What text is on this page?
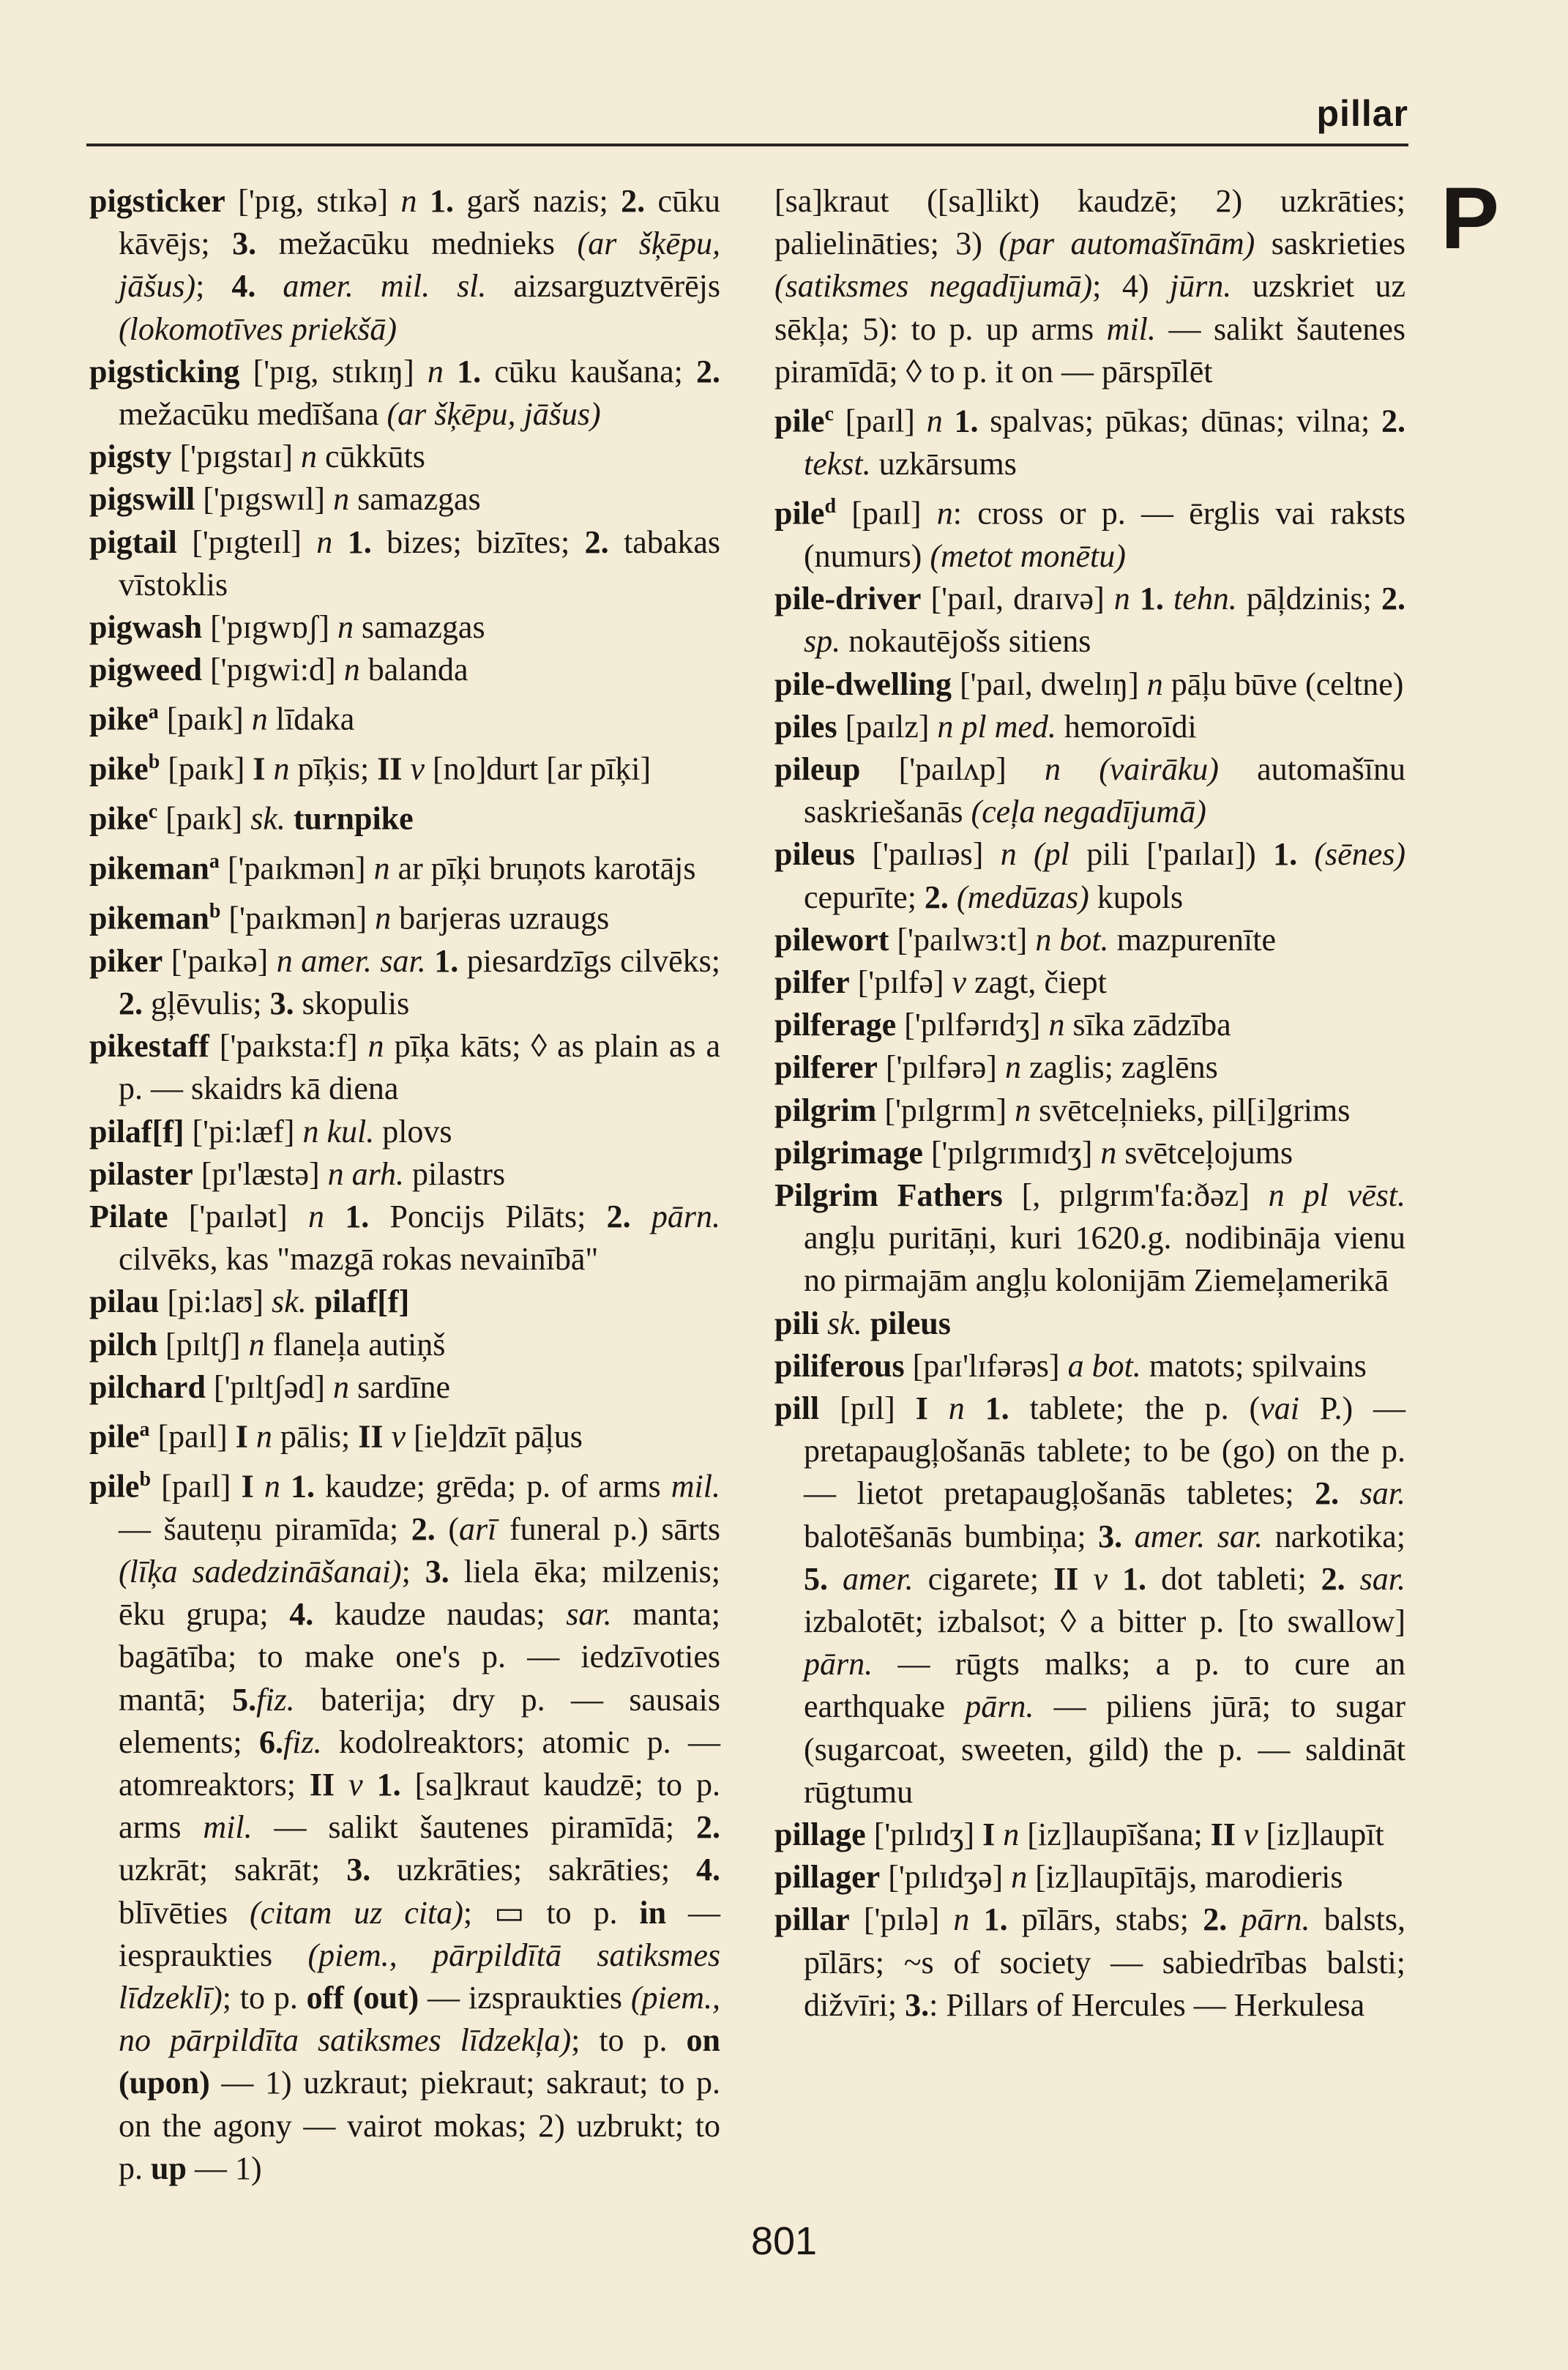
pillar
P

pigsticker ['pɪg, stɪkə] n 1. garš nazis; 2. cūku kāvējs; 3. mežacūku mednieks (ar šķēpu, jāšus); 4. amer. mil. sl. aizsarguztvērējs (lokomotīves priekšā)

pigsticking ['pɪg, stɪkɪŋ] n 1. cūku kaušana; 2. mežacūku medīšana (ar šķēpu, jāšus)

pigsty ['pɪgstaɪ] n cūkkūts

pigswill ['pɪgswɪl] n samazgas

pigtail ['pɪgteɪl] n 1. bizes; bizītes; 2. tabakas vīstoklis

pigwash ['pɪgwɒʃ] n samazgas

pigweed ['pɪgwi:d] n balanda

pike$^a$ [paɪk] n līdaka

pike$^b$ [paɪk] I n pīķis; II v [no]durt [ar pīķi]

pike$^c$ [paɪk] sk. turnpike

pikeman$^a$ ['paɪkmən] n ar pīķi bruņots karotājs

pikeman$^b$ ['paɪkmən] n barjeras uzraugs

piker ['paɪkə] n amer. sar. 1. piesardzīgs cilvēks; 2. gļēvulis; 3. skopulis

pikestaff ['paɪksta:f] n pīķa kāts; ◊ as plain as a p. — skaidrs kā diena

pilaf[f] ['pi:læf] n kul. plovs

pilaster [pɪ'læstə] n arh. pilastrs

Pilate ['paɪlət] n 1. Poncijs Pilāts; 2. pārn. cilvēks, kas "mazgā rokas nevainībā"

pilau [pi:laʊ] sk. pilaf[f]

pilch [pɪltʃ] n flaneļa autiņš

pilchard ['pɪltʃəd] n sardīne

pile$^a$ [paɪl] I n pālis; II v [ie]dzīt pāļus

pile$^b$ [paɪl] I n 1. kaudze; grēda; p. of arms mil. — šauteņu piramīda; 2. (arī funeral p.) sārts (līķa sadedzināšanai); 3. liela ēka; milzenis; ēku grupa; 4. kaudze naudas; sar. manta; bagātība; to make one's p. — iedzīvoties mantā; 5.fiz. baterija; dry p. — sausais elements; 6.fiz. kodolreaktors; atomic p. — atomreaktors; II v 1. [sa]kraut kaudzē; to p. arms mil. — salikt šautenes piramīdā; 2. uzkrāt; sakrāt; 3. uzkrāties; sakrāties; 4. blīvēties (citam uz cita); ▭ to p. in — iespraukties (piem., pārpildītā satiksmes līdzeklī); to p. off (out) — izspraukties (piem., no pārpildīta satiksmes līdzekļa); to p. on (upon) — 1) uzkraut; piekraut; sakraut; to p. on the agony — vairot mokas; 2) uzbrukt; to p. up — 1)

[sa]kraut ([sa]likt) kaudzē; 2) uzkrāties; palielināties; 3) (par automašīnām) saskrieties (satiksmes negadījumā); 4) jūrn. uzskriet uz sēkļa; 5): to p. up arms mil. — salikt šautenes piramīdā; ◊ to p. it on — pārspīlēt

pile$^c$ [paɪl] n 1. spalvas; pūkas; dūnas; vilna; 2. tekst. uzkārsums

pile$^d$ [paɪl] n: cross or p. — ērglis vai raksts (numurs) (metot monētu)

pile-driver ['paɪl, draɪvə] n 1. tehn. pāļdzinis; 2. sp. nokautējošs sitiens

pile-dwelling ['paɪl, dwelɪŋ] n pāļu būve (celtne)

piles [paɪlz] n pl med. hemoroīdi

pileup ['paɪlʌp] n (vairāku) automašīnu saskriešanās (ceļa negadījumā)

pileus ['paɪlɪəs] n (pl pili ['paɪlaɪ]) 1. (sēnes) cepurīte; 2. (medūzas) kupols

pilewort ['paɪlwɜ:t] n bot. mazpurenīte

pilfer ['pɪlfə] v zagt, čiept

pilferage ['pɪlfərɪdʒ] n sīka zādzība

pilferer ['pɪlfərə] n zaglis; zaglēns

pilgrim ['pɪlgrɪm] n svētceļnieks, pil[i]grims

pilgrimage ['pɪlgrɪmɪdʒ] n svētceļojums

Pilgrim Fathers [, pɪlgrɪm'fa:ðəz] n pl vēst. angļu puritāņi, kuri 1620.g. nodibināja vienu no pirmajām angļu kolonijām Ziemeļamerikā

pili sk. pileus

piliferous [paɪ'lɪfərəs] a bot. matots; spilvains

pill [pɪl] I n 1. tablete; the p. (vai P.) — pretapaugļošanās tablete; to be (go) on the p. — lietot pretapaugļošanās tabletes; 2. sar. balotēšanās bumbiņa; 3. amer. sar. narkotika; 5. amer. cigarete; II v 1. dot tableti; 2. sar. izbalotēt; izbalsot; ◊ a bitter p. [to swallow] pārn. — rūgts malks; a p. to cure an earthquake pārn. — piliens jūrā; to sugar (sugarcoat, sweeten, gild) the p. — saldināt rūgtumu

pillage ['pɪlɪdʒ] I n [iz]laupīšana; II v [iz]laupīt

pillager ['pɪlɪdʒə] n [iz]laupītājs, marodieris

pillar ['pɪlə] n 1. pīlārs, stabs; 2. pārn. balsts, pīlārs; ~s of society — sabiedrības balsti; dižvīri; 3.: Pillars of Hercules — Herkulesa

801
